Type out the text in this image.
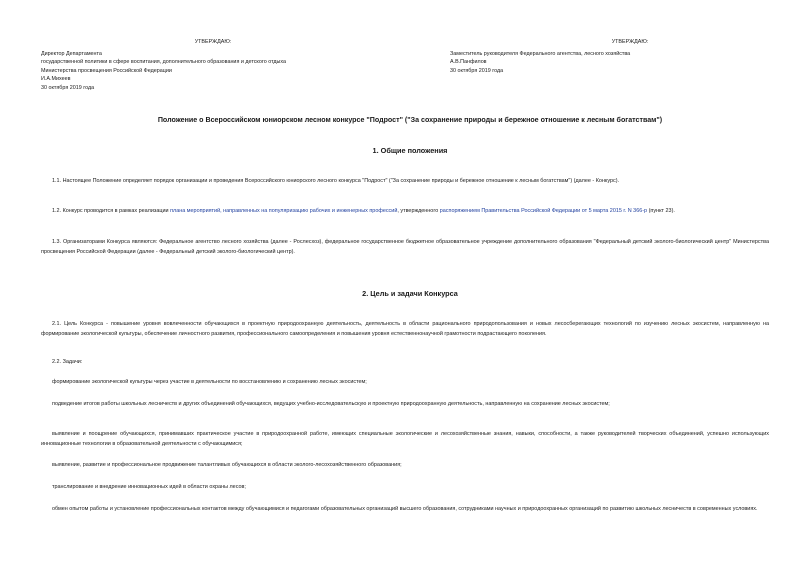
УТВЕРЖДАЮ:
Директор Департамента
государственной политики в сфере воспитания, дополнительного образования и детского отдыха
Министерства просвещения Российской Федерации
И.А.Михеев
30 октября 2019 года
УТВЕРЖДАЮ:
Заместитель руководителя Федерального агентства, лесного хозяйства
А.В.Панфилов
30 октября 2019 года
Положение о Всероссийском юниорском лесном конкурсе "Подрост" ("За сохранение природы и бережное отношение к лесным богатствам")
1. Общие положения
1.1. Настоящее Положение определяет порядок организации и проведения Всероссийского юниорского лесного конкурса "Подрост" ("За сохранение природы и бережное отношение к лесным богатствам") (далее - Конкурс).
1.2. Конкурс проводится в рамках реализации плана мероприятий, направленных на популяризацию рабочих и инженерных профессий, утвержденного распоряжением Правительства Российской Федерации от 5 марта 2015 г. N 366-р (пункт 23).
1.3. Организаторами Конкурса являются: Федеральное агентство лесного хозяйства (далее - Рослесхоз), федеральное государственное бюджетное образовательное учреждение дополнительного образования "Федеральный детский эколого-биологический центр" Министерства просвещения Российской Федерации (далее - Федеральный детский эколого-биологический центр).
2. Цель и задачи Конкурса
2.1. Цель Конкурса - повышение уровня вовлеченности обучающихся в проектную природоохранную деятельность, деятельность в области рационального природопользования и новых лесосберегающих технологий по изучению лесных экосистем, направленную на формирование экологической культуры, обеспечение личностного развития, профессионального самоопределения и повышения уровня естественнонаучной грамотности подрастающего поколения.
2.2. Задачи:
формирование экологической культуры через участие в деятельности по восстановлению и сохранению лесных экосистем;
подведение итогов работы школьных лесничеств и других объединений обучающихся, ведущих учебно-исследовательскую и проектную природоохранную деятельность, направленную на сохранение лесных экосистем;
выявление и поощрение обучающихся, принимавших практическое участие в природоохранной работе, имеющих специальные экологические и лесохозяйственные знания, навыки, способности, а также руководителей творческих объединений, успешно использующих инновационные технологии в образовательной деятельности с обучающимися;
выявление, развитие и профессиональное продвижение талантливых обучающихся в области эколого-лесохозяйственного образования;
транслирование и внедрение инновационных идей в области охраны лесов;
обмен опытом работы и установление профессиональных контактов между обучающимися и педагогами образовательных организаций высшего образования, сотрудниками научных и природоохранных организаций по развитию школьных лесничеств в современных условиях.
